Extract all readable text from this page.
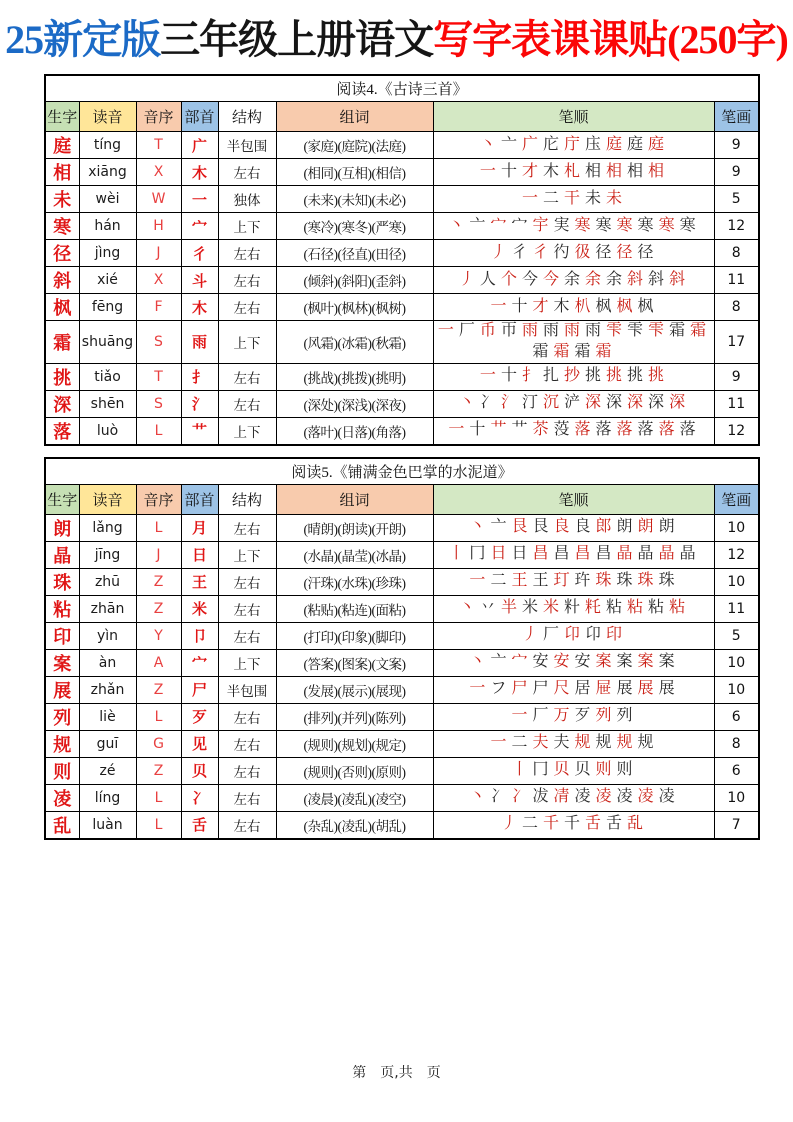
25新定版三年级上册语文写字表课课贴(250字)
阅读4.《古诗三首》							
生字	读音	音序	部首	结构	组词	笔顺	笔画
庭	tíng	T	广	半包围	(家庭)(庭院)(法庭)	丶 亠 广 庀 庁 庒 庭 庭 庭	9
相	xiāng	X	木	左右	(相同)(互相)(相信)	一 十 才 木 札 相 相 相 相	9
未	wèi	W	一	独体	(未来)(未知)(未必)	一 二 干 未 未	5
寒	hán	H	宀	上下	(寒冷)(寒冬)(严寒)	丶 亠 宀 宀 宇 実 寒 寒 寒 寒 寒 寒	12
径	jìng	J	彳	左右	(石径)(径直)(田径)	丿 彳 彳 彴 彶 径 径 径	8
斜	xié	X	斗	左右	(倾斜)(斜阳)(歪斜)	丿 人 个 今 今 余 余 余 斜 斜 斜	11
枫	fēng	F	木	左右	(枫叶)(枫林)(枫树)	一 十 才 木 朳 枫 枫 枫	8
霜	shuāng	S	雨	上下	(风霜)(冰霜)(秋霜)	一 厂 币 帀 雨 雨 雨 雨 雫 雫 雫 霜 霜霜 霜 霜 霜	17
挑	tiǎo	T	扌	左右	(挑战)(挑拨)(挑明)	一 十 扌 扎 抄 挑 挑 挑 挑	9
深	shēn	S	氵	左右	(深处)(深浅)(深夜)	丶 冫 氵 汀 沉 浐 深 深 深 深 深	11
落	luò	L	艹	上下	(落叶)(日落)(角落)	一 十 艹 艹 苶 莈 落 落 落 落 落 落	12
阅读5.《铺满金色巴掌的水泥道》							
生字	读音	音序	部首	结构	组词	笔顺	笔画
朗	lǎng	L	月	左右	(晴朗)(朗读)(开朗)	丶 亠 艮 艮 良 良 郎 朗 朗 朗	10
晶	jīng	J	日	上下	(水晶)(晶莹)(冰晶)	丨 冂 日 日 昌 昌 昌 昌 晶 晶 晶 晶	12
珠	zhū	Z	王	左右	(汗珠)(水珠)(珍珠)	一 二 王 王 玎 玝 珠 珠 珠 珠	10
粘	zhān	Z	米	左右	(粘贴)(粘连)(面粘)	丶 丷 半 米 米 籵 籷 粘 粘 粘 粘	11
印	yìn	Y	卩	左右	(打印)(印象)(脚印)	丿 厂 卬 卬 印	5
案	àn	A	宀	上下	(答案)(图案)(文案)	丶 亠 宀 安 安 安 案 案 案 案	10
展	zhǎn	Z	尸	半包围	(发展)(展示)(展现)	一 フ 尸 尸 尺 居 屉 展 展 展	10
列	liè	L	歹	左右	(排列)(并列)(陈列)	一 厂 万 歹 列 列	6
规	guī	G	见	左右	(规则)(规划)(规定)	一 二 夫 夫 规 规 规 规	8
则	zé	Z	贝	左右	(规则)(否则)(原则)	丨 冂 贝 贝 则 则	6
凌	líng	L	冫	左右	(凌晨)(凌乱)(凌空)	丶 冫 冫 冹 凊 凌 凌 凌 凌 凌	10
乱	luàn	L	舌	左右	(杂乱)(凌乱)(胡乱)	丿 二 千 千 舌 舌 乱	7
第　页,共　页
